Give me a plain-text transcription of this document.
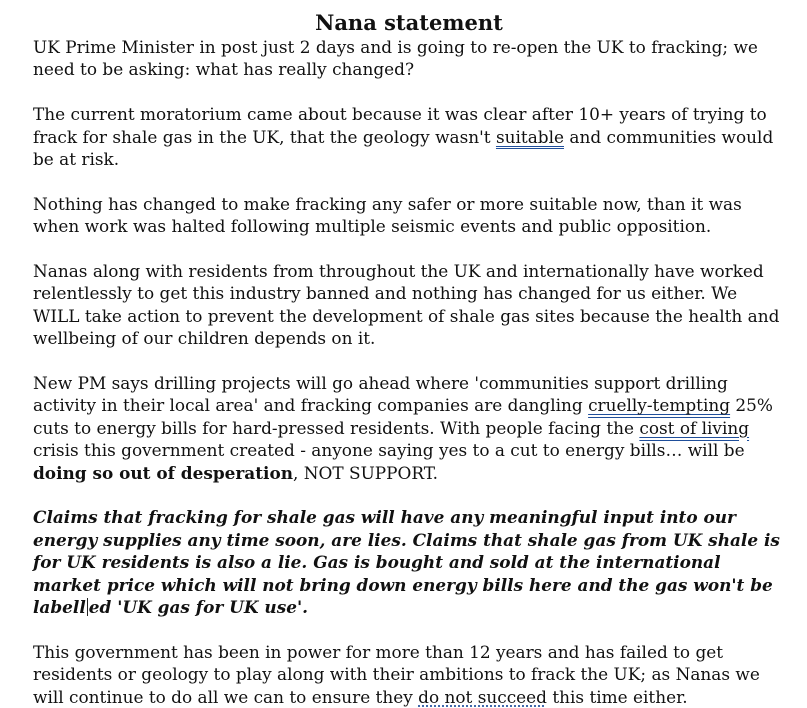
Nana statement

UK Prime Minister in post just 2 days and is going to re-open the UK to fracking; we need to be asking: what has really changed?

The current moratorium came about because it was clear after 10+ years of trying to frack for shale gas in the UK, that the geology wasn't suitable and communities would be at risk.

Nothing has changed to make fracking any safer or more suitable now, than it was when work was halted following multiple seismic events and public opposition.

Nanas along with residents from throughout the UK and internationally have worked relentlessly to get this industry banned and nothing has changed for us either. We WILL take action to prevent the development of shale gas sites because the health and wellbeing of our children depends on it.

New PM says drilling projects will go ahead where 'communities support drilling activity in their local area' and fracking companies are dangling cruelly-tempting 25% cuts to energy bills for hard-pressed residents. With people facing the cost of living crisis this government created - anyone saying yes to a cut to energy bills… will be doing so out of desperation, NOT SUPPORT.

Claims that fracking for shale gas will have any meaningful input into our energy supplies any time soon, are lies. Claims that shale gas from UK shale is for UK residents is also a lie. Gas is bought and sold at the international market price which will not bring down energy bills here and the gas won't be labell ed 'UK gas for UK use'.

This government has been in power for more than 12 years and has failed to get residents or geology to play along with their ambitions to frack the UK; as Nanas we will continue to do all we can to ensure they do not succeed this time either.
